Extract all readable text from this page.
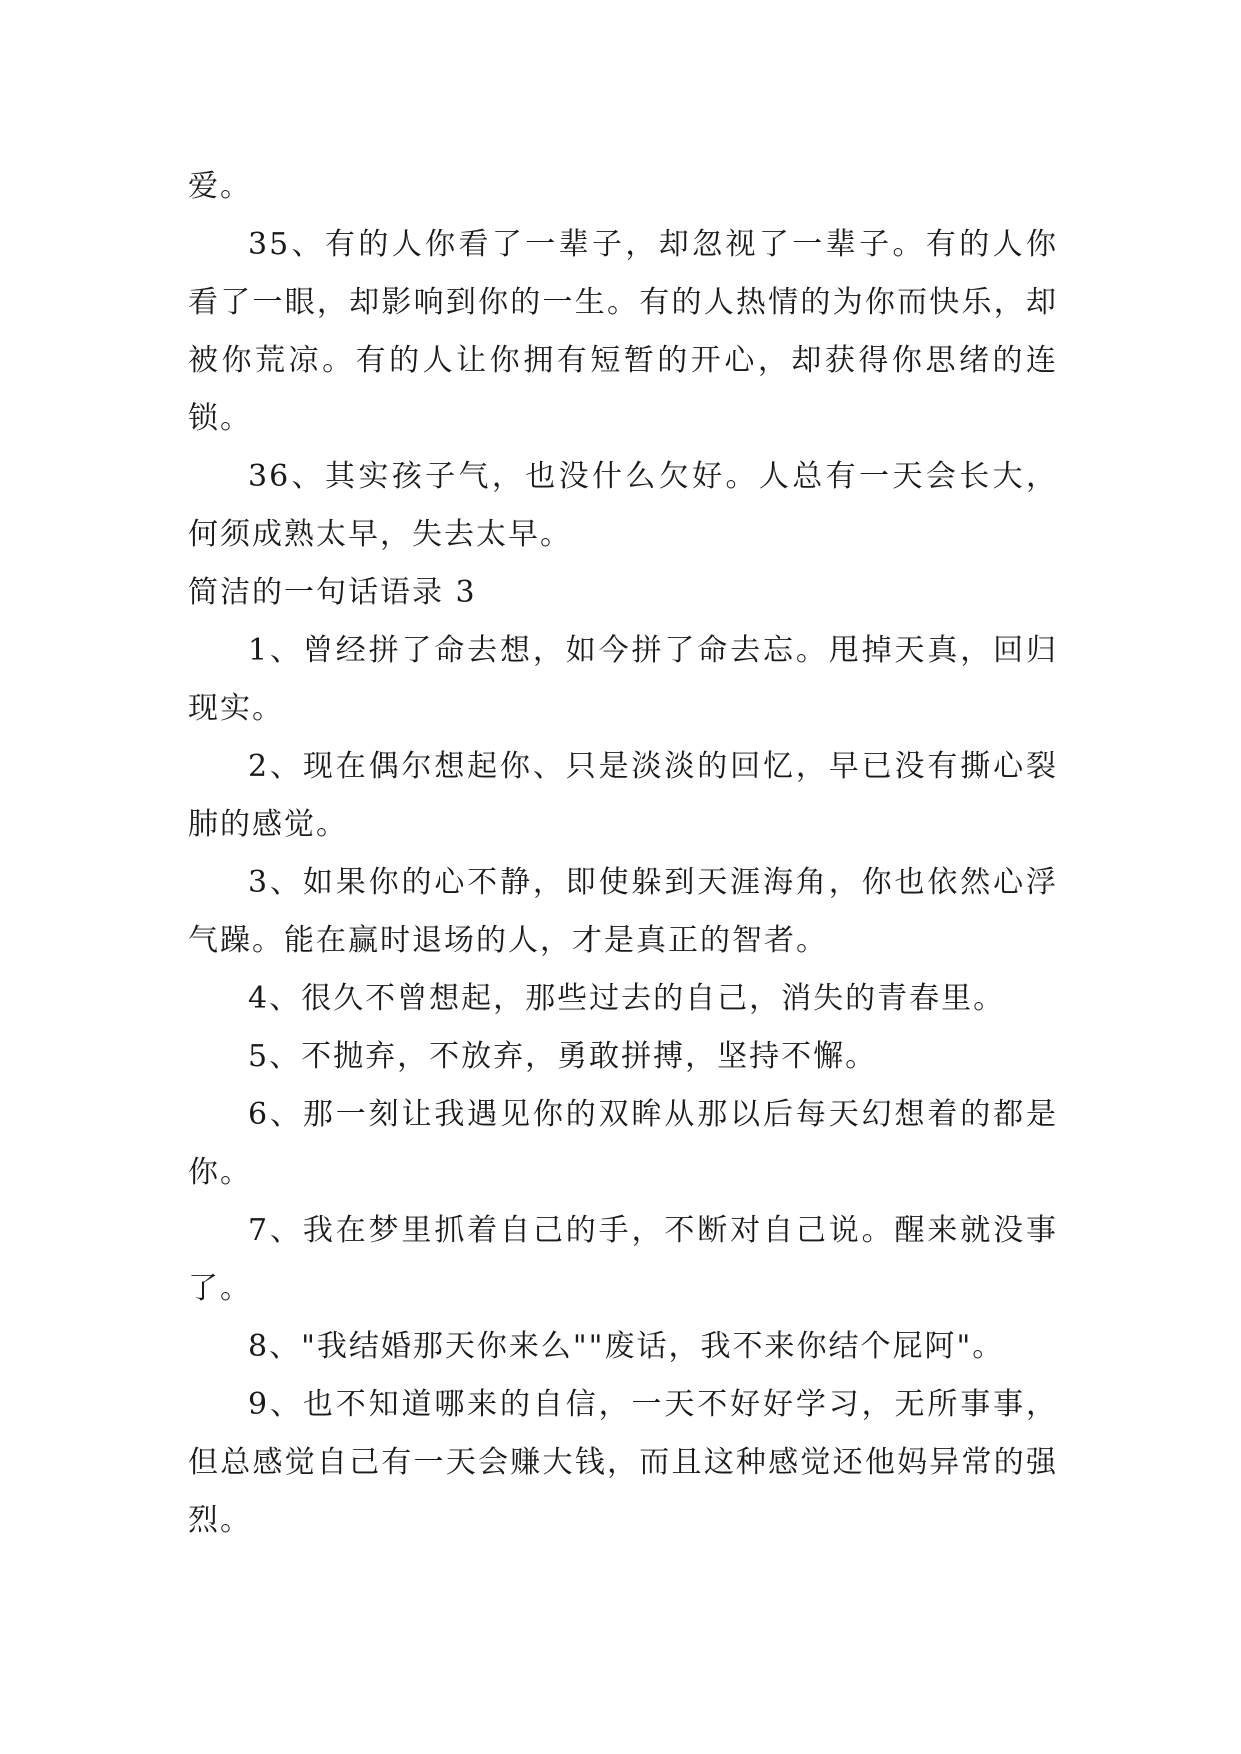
爱。

35、有的人你看了一辈子，却忽视了一辈子。有的人你看了一眼，却影响到你的一生。有的人热情的为你而快乐，却被你荒凉。有的人让你拥有短暂的开心，却获得你思绪的连锁。

36、其实孩子气，也没什么欠好。人总有一天会长大，何须成熟太早，失去太早。

简洁的一句话语录 3

1、曾经拼了命去想，如今拼了命去忘。甩掉天真，回归现实。

2、现在偶尔想起你、只是淡淡的回忆，早已没有撕心裂肺的感觉。

3、如果你的心不静，即使躲到天涯海角，你也依然心浮气躁。能在赢时退场的人，才是真正的智者。

4、很久不曾想起，那些过去的自己，消失的青春里。

5、不抛弃，不放弃，勇敢拼搏，坚持不懈。

6、那一刻让我遇见你的双眸从那以后每天幻想着的都是你。

7、我在梦里抓着自己的手，不断对自己说。醒来就没事了。

8、"我结婚那天你来么""废话，我不来你结个屁阿"。

9、也不知道哪来的自信，一天不好好学习，无所事事，但总感觉自己有一天会赚大钱，而且这种感觉还他妈异常的强烈。
